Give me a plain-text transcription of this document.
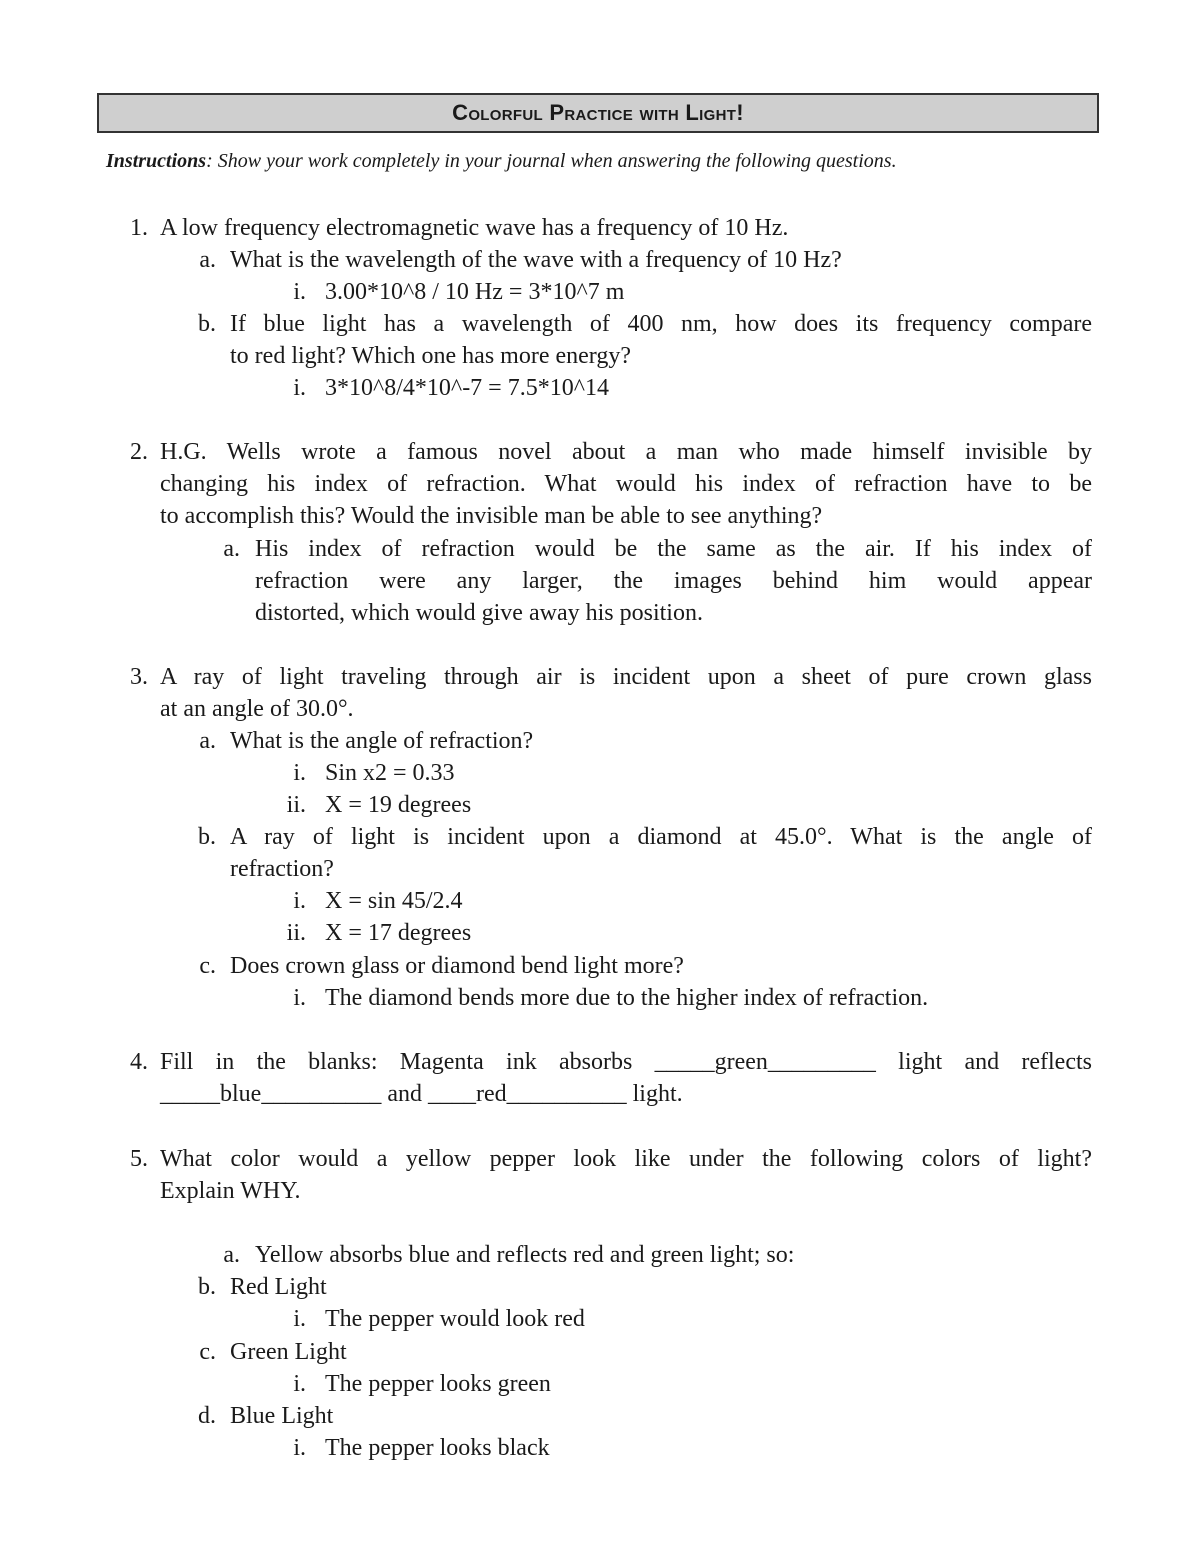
Colorful Practice with Light!
Instructions: Show your work completely in your journal when answering the following questions.
1. A low frequency electromagnetic wave has a frequency of 10 Hz.
a. What is the wavelength of the wave with a frequency of 10 Hz?
i. 3.00*10^8 / 10 Hz = 3*10^7 m
b. If blue light has a wavelength of 400 nm, how does its frequency compare
to red light? Which one has more energy?
i. 3*10^8/4*10^-7 = 7.5*10^14
2. H.G. Wells wrote a famous novel about a man who made himself invisible by
changing his index of refraction. What would his index of refraction have to be
to accomplish this? Would the invisible man be able to see anything?
a. His index of refraction would be the same as the air. If his index of
refraction were any larger, the images behind him would appear
distorted, which would give away his position.
3. A ray of light traveling through air is incident upon a sheet of pure crown glass
at an angle of 30.0°.
a. What is the angle of refraction?
i. Sin x2 = 0.33
ii. X = 19 degrees
b. A ray of light is incident upon a diamond at 45.0°. What is the angle of
refraction?
i. X = sin 45/2.4
ii. X = 17 degrees
c. Does crown glass or diamond bend light more?
i. The diamond bends more due to the higher index of refraction.
4. Fill in the blanks: Magenta ink absorbs _____green_________ light and reflects
_____blue__________ and ____red__________ light.
5. What color would a yellow pepper look like under the following colors of light?
Explain WHY.
a. Yellow absorbs blue and reflects red and green light; so:
b. Red Light
i. The pepper would look red
c. Green Light
i. The pepper looks green
d. Blue Light
i. The pepper looks black
